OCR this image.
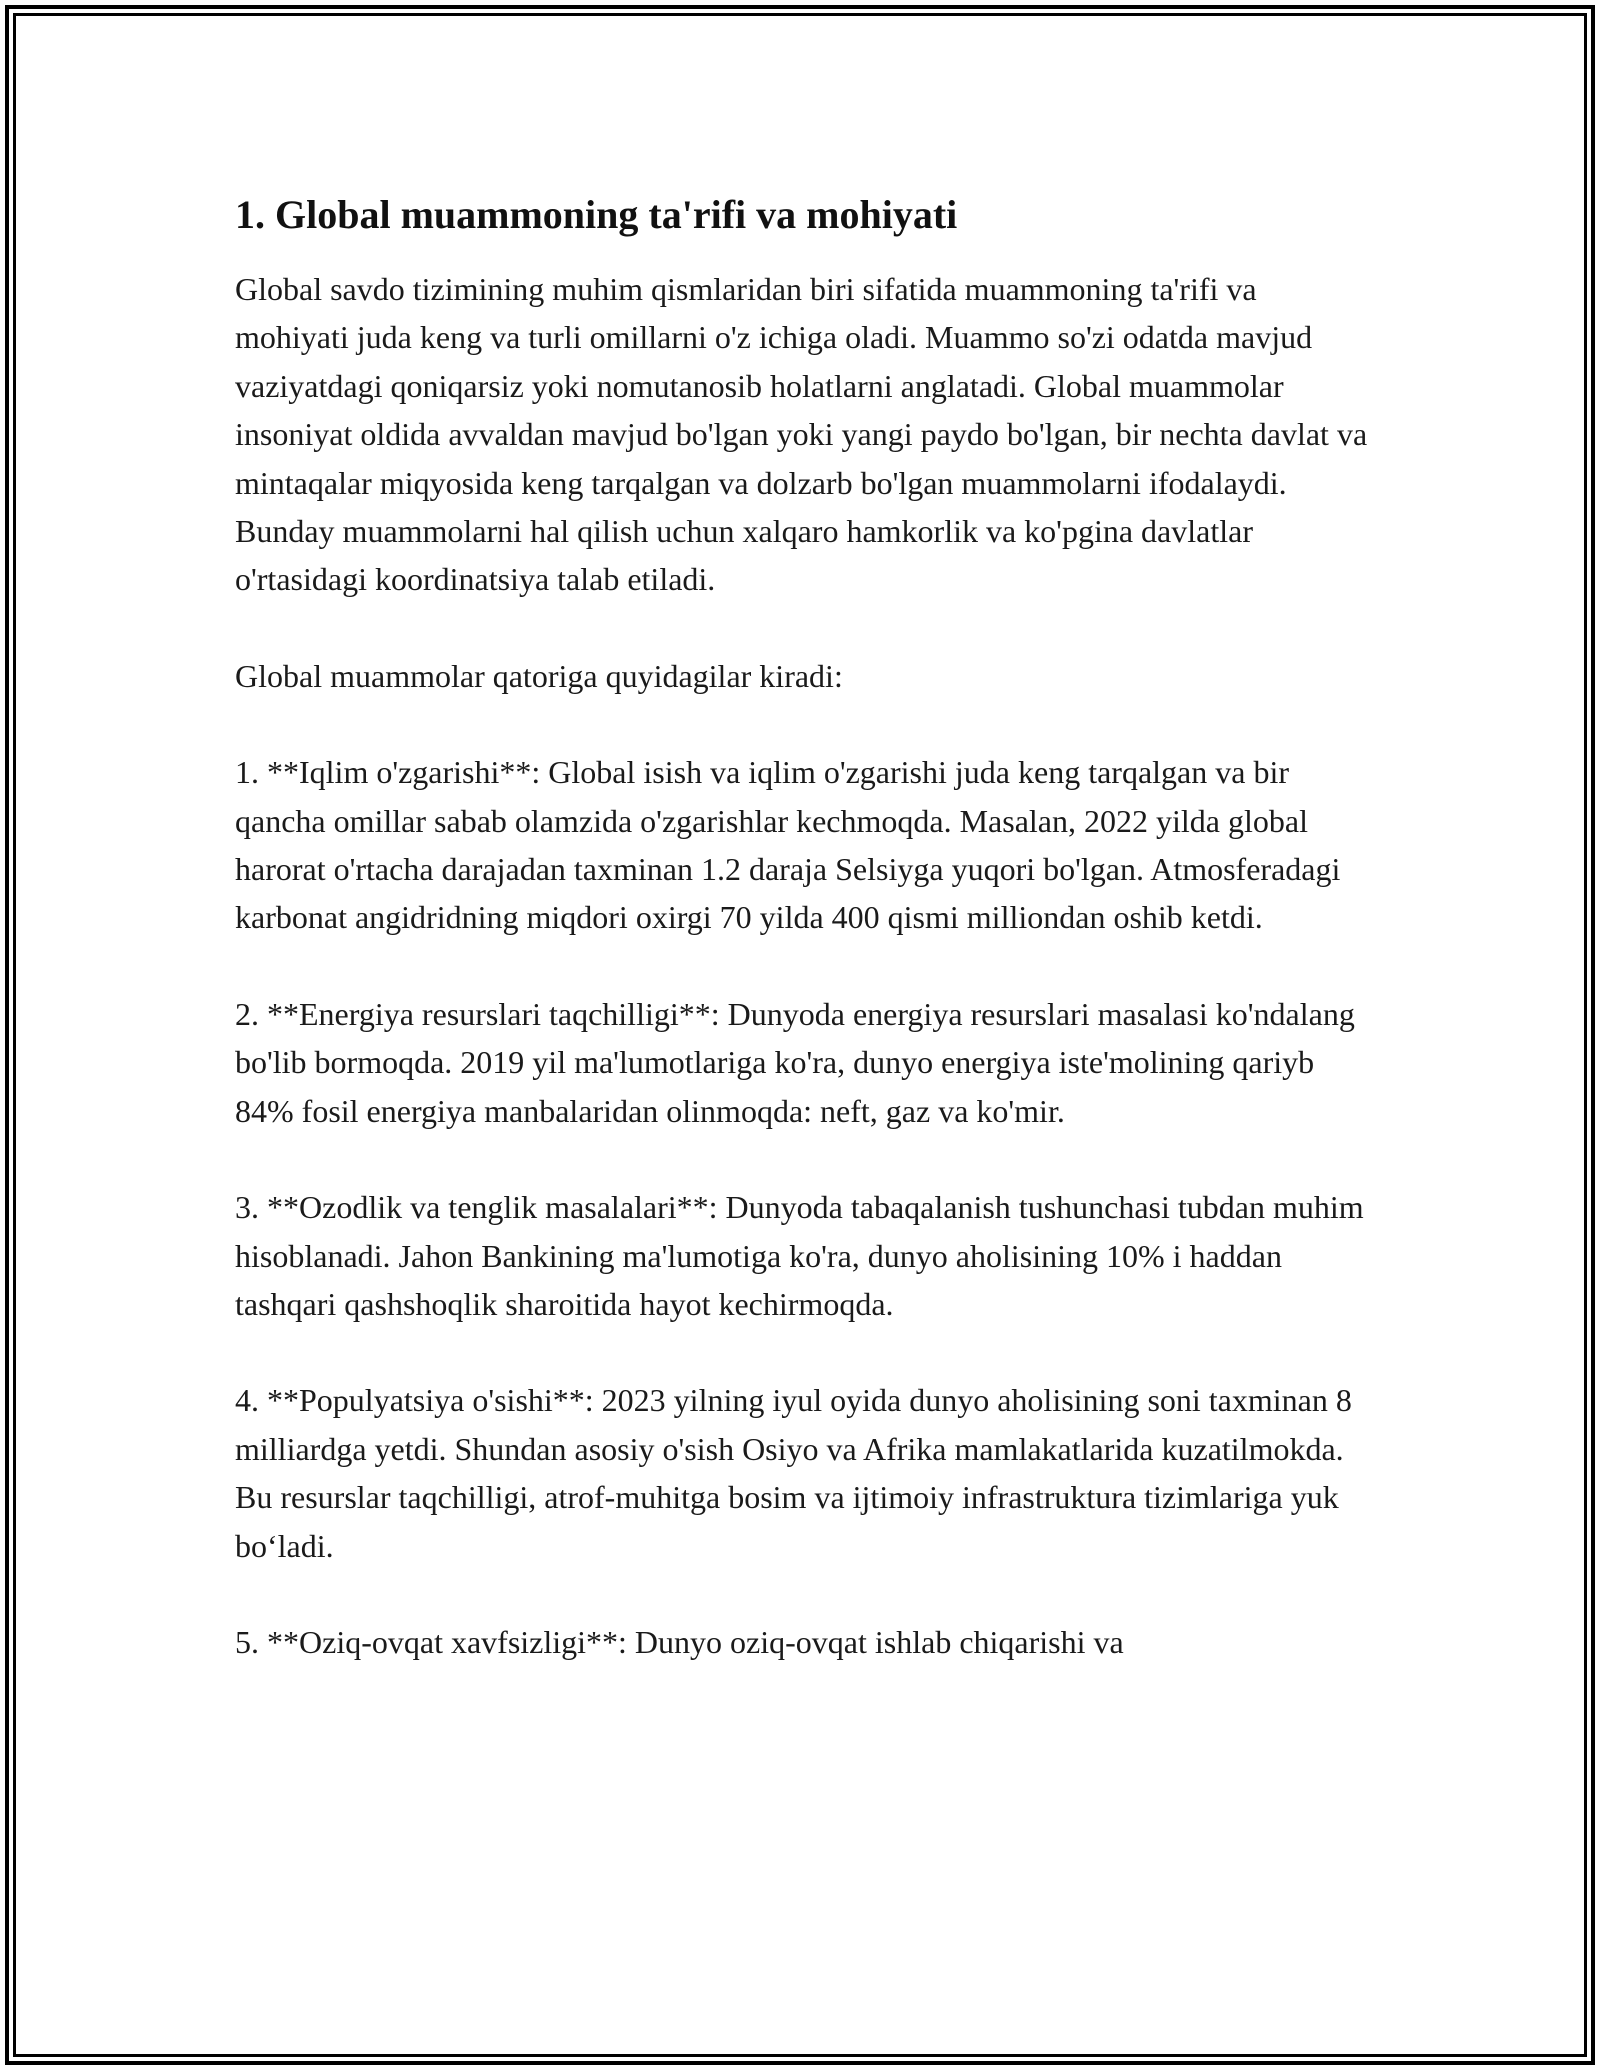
1. Global muammoning ta'rifi va mohiyati

Global savdo tizimining muhim qismlaridan biri sifatida muammoning ta'rifi va mohiyati juda keng va turli omillarni o'z ichiga oladi. Muammo so'zi odatda mavjud vaziyatdagi qoniqarsiz yoki nomutanosib holatlarni anglatadi. Global muammolar insoniyat oldida avvaldan mavjud bo'lgan yoki yangi paydo bo'lgan, bir nechta davlat va mintaqalar miqyosida keng tarqalgan va dolzarb bo'lgan muammolarni ifodalaydi. Bunday muammolarni hal qilish uchun xalqaro hamkorlik va ko'pgina davlatlar o'rtasidagi koordinatsiya talab etiladi.

Global muammolar qatoriga quyidagilar kiradi:

1. **Iqlim o'zgarishi**: Global isish va iqlim o'zgarishi juda keng tarqalgan va bir qancha omillar sabab olamzida o'zgarishlar kechmoqda. Masalan, 2022 yilda global harorat o'rtacha darajadan taxminan 1.2 daraja Selsiyga yuqori bo'lgan. Atmosferadagi karbonat angidridning miqdori oxirgi 70 yilda 400 qismi milliondan oshib ketdi.

2. **Energiya resurslari taqchilligi**: Dunyoda energiya resurslari masalasi ko'ndalang bo'lib bormoqda. 2019 yil ma'lumotlariga ko'ra, dunyo energiya iste'molining qariyb 84% fosil energiya manbalaridan olinmoqda: neft, gaz va ko'mir.

3. **Ozodlik va tenglik masalalari**: Dunyoda tabaqalanish tushunchasi tubdan muhim hisoblanadi. Jahon Bankining ma'lumotiga ko'ra, dunyo aholisining 10% i haddan tashqari qashshoqlik sharoitida hayot kechirmoqda.

4. **Populyatsiya o'sishi**: 2023 yilning iyul oyida dunyo aholisining soni taxminan 8 milliardga yetdi. Shundan asosiy o'sish Osiyo va Afrika mamlakatlarida kuzatilmokda. Bu resurslar taqchilligi, atrof-muhitga bosim va ijtimoiy infrastruktura tizimlariga yuk bo‘ladi.

5. **Oziq-ovqat xavfsizligi**: Dunyo oziq-ovqat ishlab chiqarishi va
